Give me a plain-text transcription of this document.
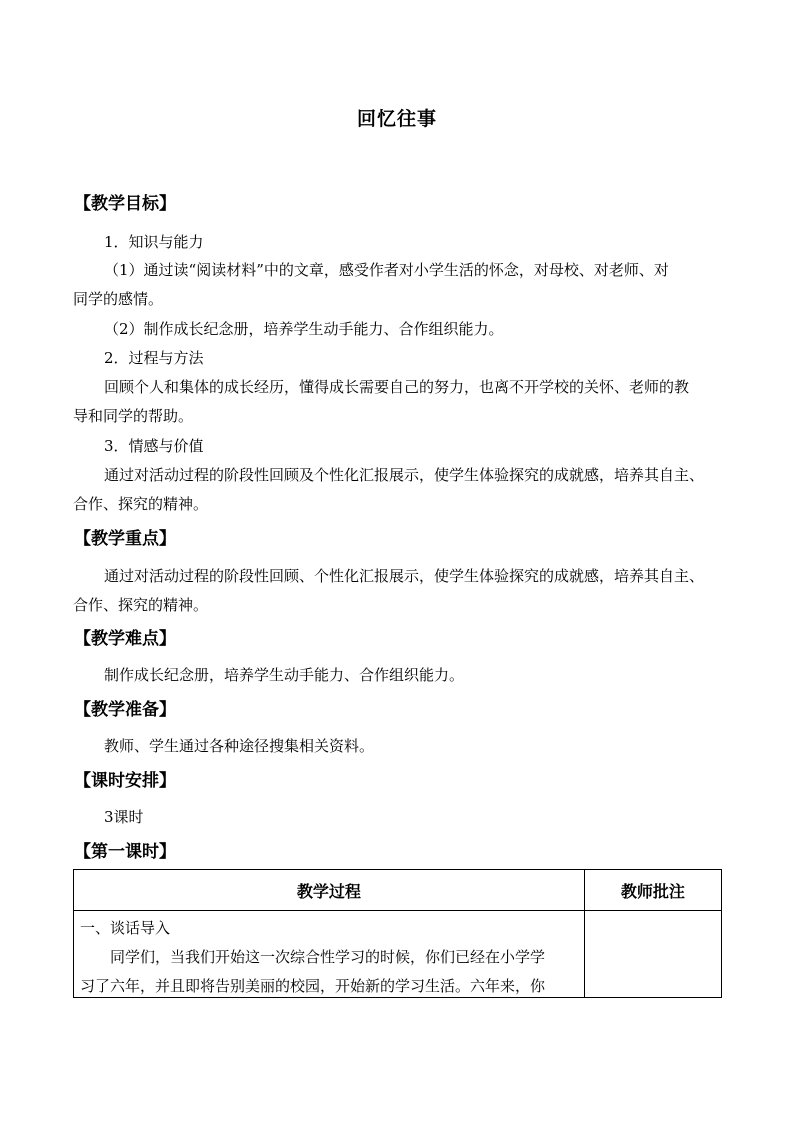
回忆往事
【教学目标】
1．知识与能力
（1）通过读“阅读材料”中的文章，感受作者对小学生活的怀念，对母校、对老师、对
同学的感情。
（2）制作成长纪念册，培养学生动手能力、合作组织能力。
2．过程与方法
回顾个人和集体的成长经历，懂得成长需要自己的努力，也离不开学校的关怀、老师的教
导和同学的帮助。
3．情感与价值
通过对活动过程的阶段性回顾及个性化汇报展示，使学生体验探究的成就感，培养其自主、
合作、探究的精神。
【教学重点】
通过对活动过程的阶段性回顾、个性化汇报展示，使学生体验探究的成就感，培养其自主、
合作、探究的精神。
【教学难点】
制作成长纪念册，培养学生动手能力、合作组织能力。
【教学准备】
教师、学生通过各种途径搜集相关资料。
【课时安排】
3课时
【第一课时】
教学过程	教师批注

一、谈话导入
同学们，当我们开始这一次综合性学习的时候，你们已经在小学学
习了六年，并且即将告别美丽的校园，开始新的学习生活。六年来，你	
